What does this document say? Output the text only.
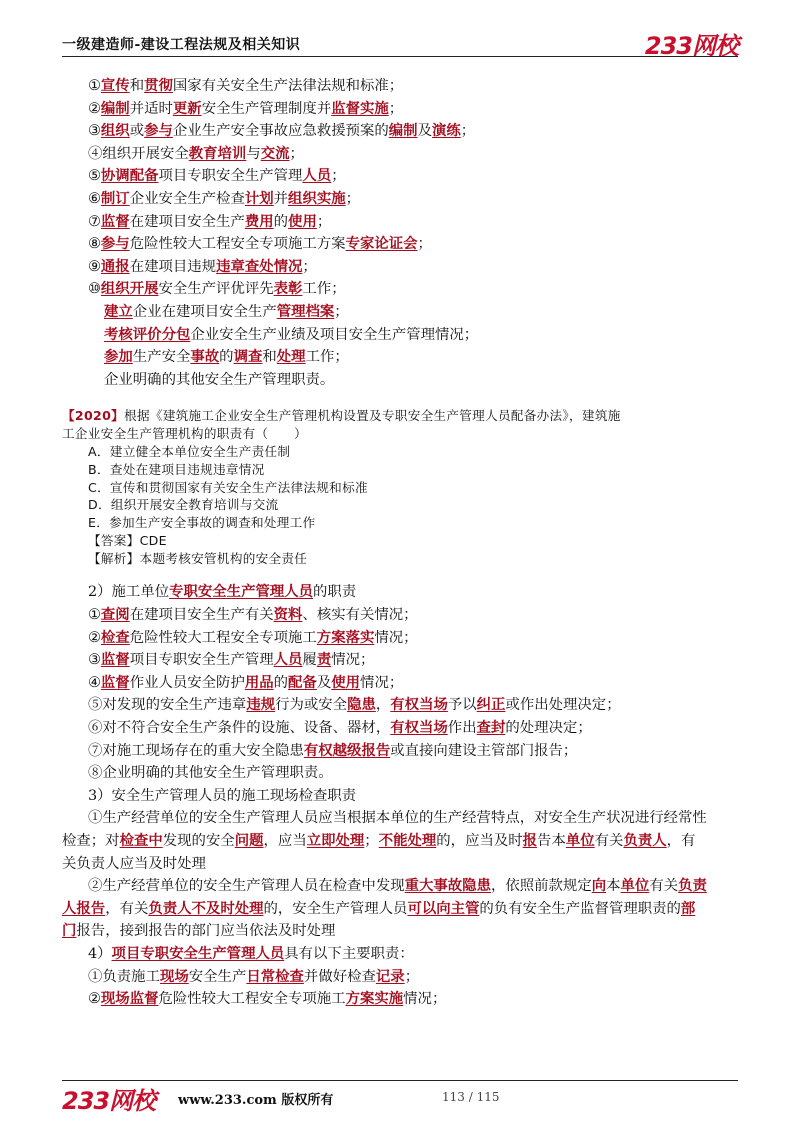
一级建造师-建设工程法规及相关知识	233网校
①宣传和贯彻国家有关安全生产法律法规和标准；
②编制并适时更新安全生产管理制度并监督实施；
③组织或参与企业生产安全事故应急救援预案的编制及演练；
④组织开展安全教育培训与交流；
⑤协调配备项目专职安全生产管理人员；
⑥制订企业安全生产检查计划并组织实施；
⑦监督在建项目安全生产费用的使用；
⑧参与危险性较大工程安全专项施工方案专家论证会；
⑨通报在建项目违规违章查处情况；
⑩组织开展安全生产评优评先表彰工作；
建立企业在建项目安全生产管理档案；
考核评价分包企业安全生产业绩及项目安全生产管理情况；
参加生产安全事故的调查和处理工作；
企业明确的其他安全生产管理职责。
【2020】根据《建筑施工企业安全生产管理机构设置及专职安全生产管理人员配备办法》，建筑施
工企业安全生产管理机构的职责有（　　）
A．建立健全本单位安全生产责任制
B．查处在建项目违规违章情况
C．宣传和贯彻国家有关安全生产法律法规和标准
D．组织开展安全教育培训与交流
E．参加生产安全事故的调查和处理工作
【答案】CDE
【解析】本题考核安管机构的安全责任
2）施工单位专职安全生产管理人员的职责
①查阅在建项目安全生产有关资料、核实有关情况；
②检查危险性较大工程安全专项施工方案落实情况；
③监督项目专职安全生产管理人员履责情况；
④监督作业人员安全防护用品的配备及使用情况；
⑤对发现的安全生产违章违规行为或安全隐患，有权当场予以纠正或作出处理决定；
⑥对不符合安全生产条件的设施、设备、器材，有权当场作出查封的处理决定；
⑦对施工现场存在的重大安全隐患有权越级报告或直接向建设主管部门报告；
⑧企业明确的其他安全生产管理职责。
3）安全生产管理人员的施工现场检查职责
①生产经营单位的安全生产管理人员应当根据本单位的生产经营特点，对安全生产状况进行经常性检查；对检查中发现的安全问题，应当立即处理；不能处理的，应当及时报告本单位有关负责人，有关负责人应当及时处理
②生产经营单位的安全生产管理人员在检查中发现重大事故隐患，依照前款规定向本单位有关负责人报告，有关负责人不及时处理的，安全生产管理人员可以向主管的负有安全生产监督管理职责的部门报告，接到报告的部门应当依法及时处理
4）项目专职安全生产管理人员具有以下主要职责：
①负责施工现场安全生产日常检查并做好检查记录；
②现场监督危险性较大工程安全专项施工方案实施情况；
233网校 www.233.com 版权所有	113 / 115
